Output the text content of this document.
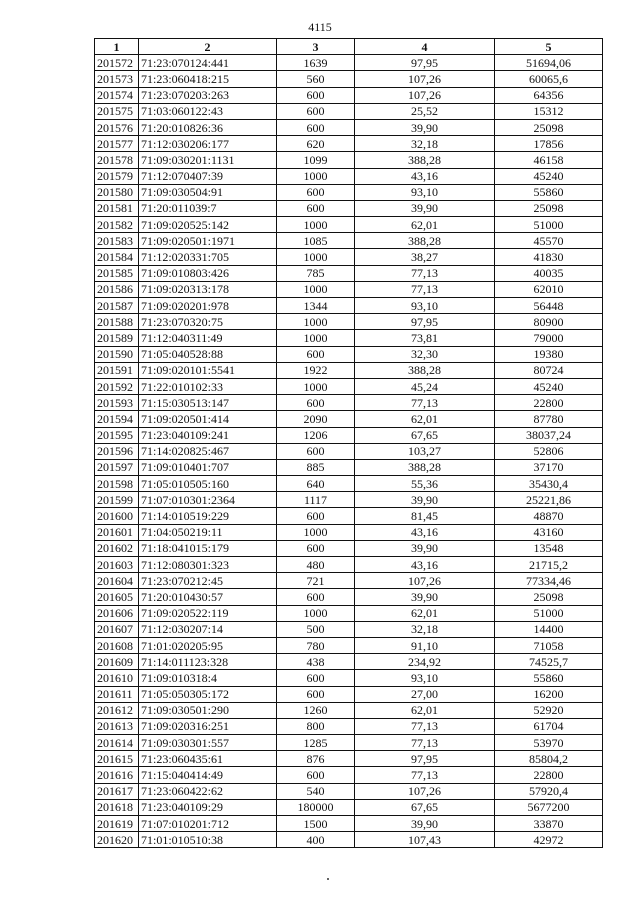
4115
1	2	3	4	5
201572	71:23:070124:441	1639	97,95	51694,06
201573	71:23:060418:215	560	107,26	60065,6
201574	71:23:070203:263	600	107,26	64356
201575	71:03:060122:43	600	25,52	15312
201576	71:20:010826:36	600	39,90	25098
201577	71:12:030206:177	620	32,18	17856
201578	71:09:030201:1131	1099	388,28	46158
201579	71:12:070407:39	1000	43,16	45240
201580	71:09:030504:91	600	93,10	55860
201581	71:20:011039:7	600	39,90	25098
201582	71:09:020525:142	1000	62,01	51000
201583	71:09:020501:1971	1085	388,28	45570
201584	71:12:020331:705	1000	38,27	41830
201585	71:09:010803:426	785	77,13	40035
201586	71:09:020313:178	1000	77,13	62010
201587	71:09:020201:978	1344	93,10	56448
201588	71:23:070320:75	1000	97,95	80900
201589	71:12:040311:49	1000	73,81	79000
201590	71:05:040528:88	600	32,30	19380
201591	71:09:020101:5541	1922	388,28	80724
201592	71:22:010102:33	1000	45,24	45240
201593	71:15:030513:147	600	77,13	22800
201594	71:09:020501:414	2090	62,01	87780
201595	71:23:040109:241	1206	67,65	38037,24
201596	71:14:020825:467	600	103,27	52806
201597	71:09:010401:707	885	388,28	37170
201598	71:05:010505:160	640	55,36	35430,4
201599	71:07:010301:2364	1117	39,90	25221,86
201600	71:14:010519:229	600	81,45	48870
201601	71:04:050219:11	1000	43,16	43160
201602	71:18:041015:179	600	39,90	13548
201603	71:12:080301:323	480	43,16	21715,2
201604	71:23:070212:45	721	107,26	77334,46
201605	71:20:010430:57	600	39,90	25098
201606	71:09:020522:119	1000	62,01	51000
201607	71:12:030207:14	500	32,18	14400
201608	71:01:020205:95	780	91,10	71058
201609	71:14:011123:328	438	234,92	74525,7
201610	71:09:010318:4	600	93,10	55860
201611	71:05:050305:172	600	27,00	16200
201612	71:09:030501:290	1260	62,01	52920
201613	71:09:020316:251	800	77,13	61704
201614	71:09:030301:557	1285	77,13	53970
201615	71:23:060435:61	876	97,95	85804,2
201616	71:15:040414:49	600	77,13	22800
201617	71:23:060422:62	540	107,26	57920,4
201618	71:23:040109:29	180000	67,65	5677200
201619	71:07:010201:712	1500	39,90	33870
201620	71:01:010510:38	400	107,43	42972
